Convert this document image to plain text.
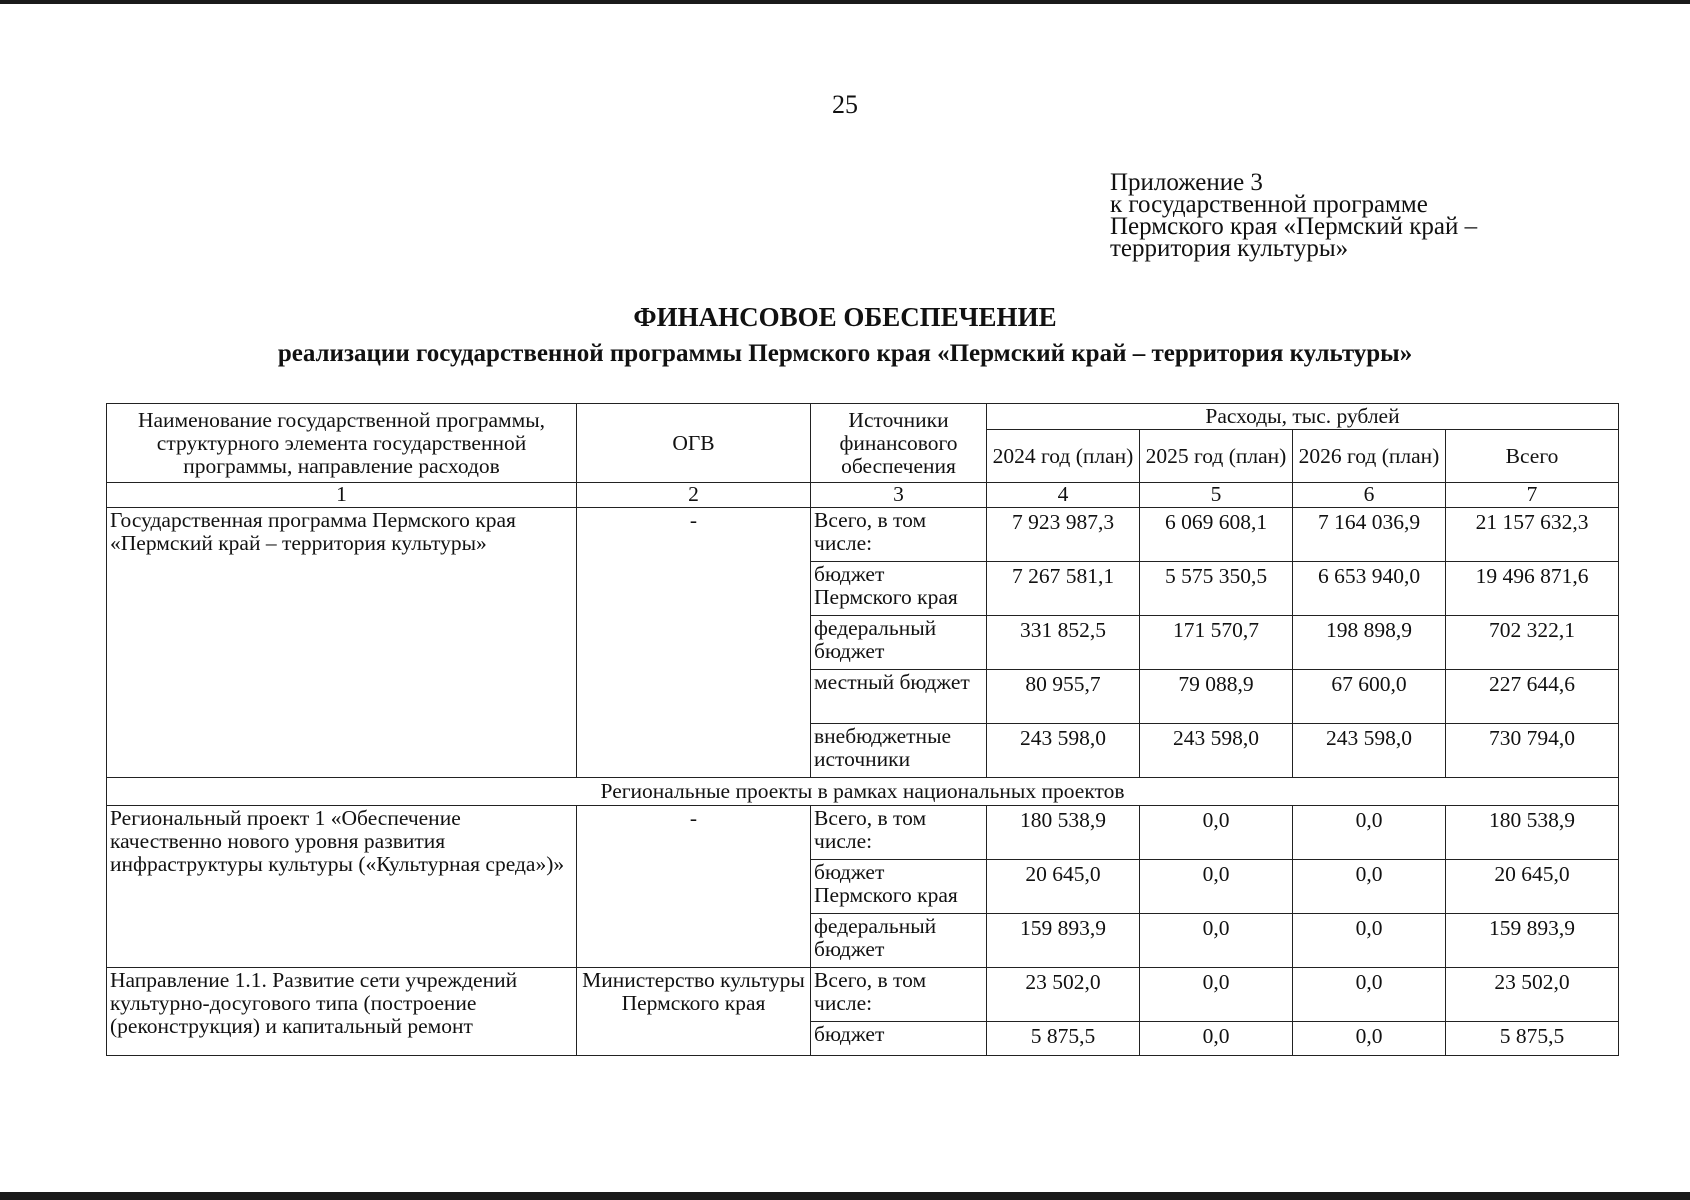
25
Приложение 3
к государственной программе
Пермского края «Пермский край –
территория культуры»
ФИНАНСОВОЕ ОБЕСПЕЧЕНИЕ
реализации государственной программы Пермского края «Пермский край – территория культуры»
Наименование государственной программы, структурного элемента государственной программы, направление расходов	ОГВ	Источники финансового обеспечения	Расходы, тыс. рублей			
			2024 год (план)	2025 год (план)	2026 год (план)	Всего
1	2	3	4	5	6	7
Государственная программа Пермского края «Пермский край – территория культуры»	-	Всего, в том числе:	7 923 987,3	6 069 608,1	7 164 036,9	21 157 632,3
		бюджет Пермского края	7 267 581,1	5 575 350,5	6 653 940,0	19 496 871,6
		федеральный бюджет	331 852,5	171 570,7	198 898,9	702 322,1
		местный бюджет	80 955,7	79 088,9	67 600,0	227 644,6
		внебюджетные источники	243 598,0	243 598,0	243 598,0	730 794,0
Региональные проекты в рамках национальных проектов						
Региональный проект 1 «Обеспечение качественно нового уровня развития инфраструктуры культуры («Культурная среда»)»	-	Всего, в том числе:	180 538,9	0,0	0,0	180 538,9
		бюджет Пермского края	20 645,0	0,0	0,0	20 645,0
		федеральный бюджет	159 893,9	0,0	0,0	159 893,9
Направление 1.1. Развитие сети учреждений культурно-досугового типа (построение (реконструкция) и капитальный ремонт	Министерство культуры Пермского края	Всего, в том числе:	23 502,0	0,0	0,0	23 502,0
		бюджет	5 875,5	0,0	0,0	5 875,5
